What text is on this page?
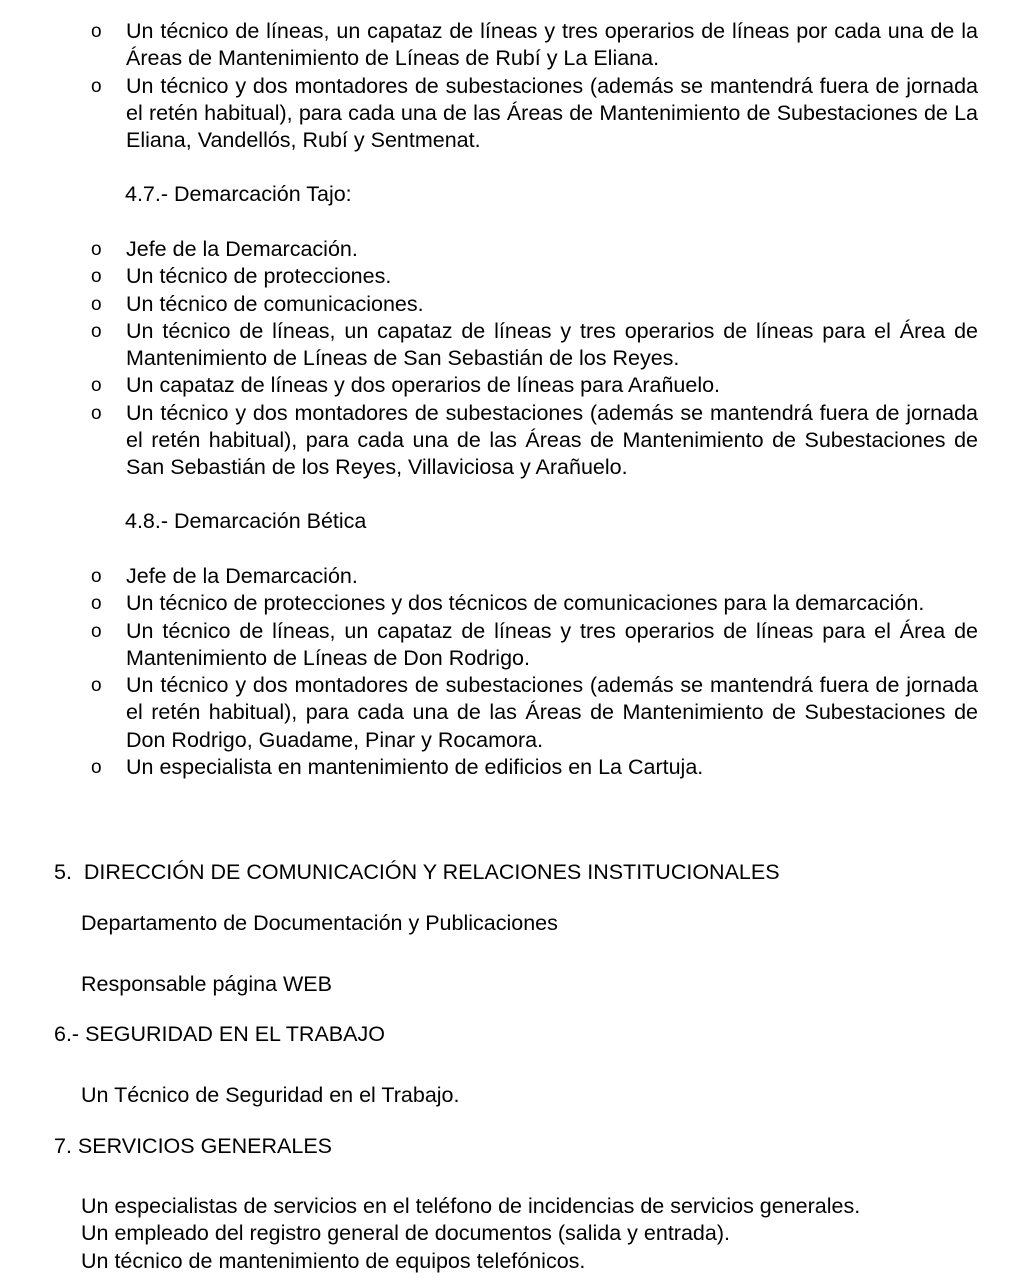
o	Un técnico de líneas, un capataz de líneas y tres operarios de líneas por cada una de la Áreas de Mantenimiento de Líneas de Rubí y La Eliana.
o	Un técnico y dos montadores de subestaciones (además se mantendrá fuera de jornada el retén habitual), para cada una de las Áreas de Mantenimiento de Subestaciones de La Eliana, Vandellós, Rubí y Sentmenat.
4.7.- Demarcación Tajo:
o	Jefe de la Demarcación.
o	Un técnico de protecciones.
o	Un técnico de comunicaciones.
o	Un técnico de líneas, un capataz de líneas y tres operarios de líneas para el Área de Mantenimiento de Líneas de San Sebastián de los Reyes.
o	Un capataz de líneas y dos operarios de líneas para Arañuelo.
o	Un técnico y dos montadores de subestaciones (además se mantendrá fuera de jornada el retén habitual), para cada una de las Áreas de Mantenimiento de Subestaciones de San Sebastián de los Reyes, Villaviciosa y Arañuelo.
4.8.- Demarcación Bética
o	Jefe de la Demarcación.
o	Un técnico de protecciones y dos técnicos de comunicaciones para la demarcación.
o	Un técnico de líneas, un capataz de líneas y tres operarios de líneas para el Área de Mantenimiento de Líneas de Don Rodrigo.
o	Un técnico y dos montadores de subestaciones (además se mantendrá fuera de jornada el retén habitual), para cada una de las Áreas de Mantenimiento de Subestaciones de Don Rodrigo, Guadame, Pinar y Rocamora.
o	Un especialista en mantenimiento de edificios en La Cartuja.
5.  DIRECCIÓN DE COMUNICACIÓN Y RELACIONES INSTITUCIONALES
Departamento de Documentación y Publicaciones
Responsable página WEB
6.- SEGURIDAD EN EL TRABAJO
Un Técnico de Seguridad en el Trabajo.
7. SERVICIOS GENERALES
Un especialistas de servicios en el teléfono de incidencias de servicios generales.
Un empleado del registro general de documentos (salida y entrada).
Un técnico de mantenimiento de equipos telefónicos.
